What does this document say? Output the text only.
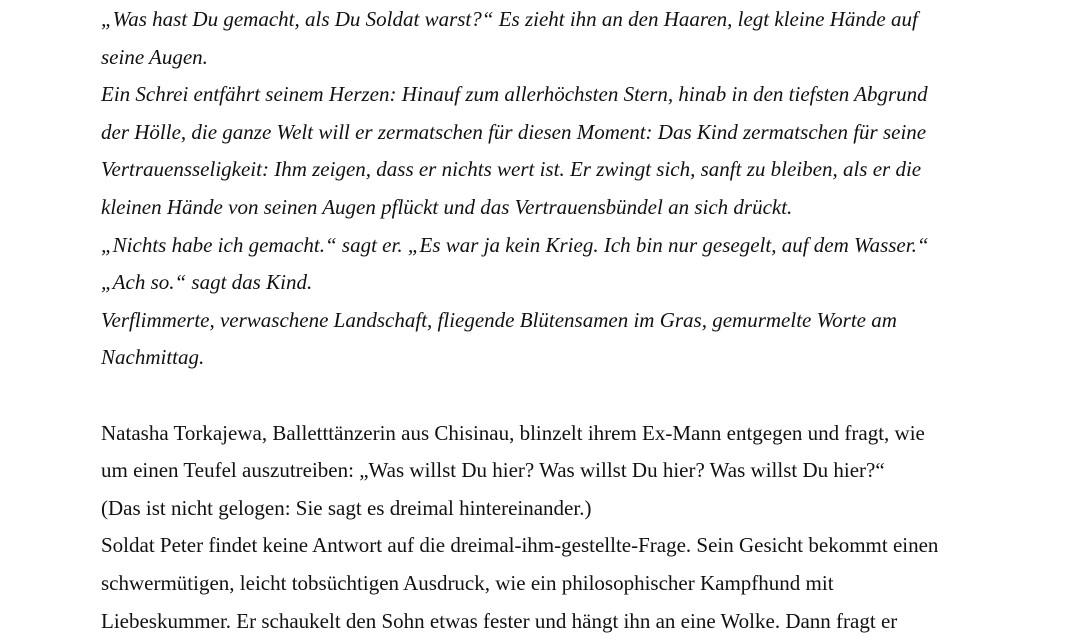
„Was hast Du gemacht, als Du Soldat warst?“ Es zieht ihn an den Haaren, legt kleine Hände auf
seine Augen.
Ein Schrei entfährt seinem Herzen: Hinauf zum allerhöchsten Stern, hinab in den tiefsten Abgrund
der Hölle, die ganze Welt will er zermatschen für diesen Moment: Das Kind zermatschen für seine
Vertrauensseligkeit: Ihm zeigen, dass er nichts wert ist. Er zwingt sich, sanft zu bleiben, als er die
kleinen Hände von seinen Augen pflückt und das Vertrauensbündel an sich drückt.
„Nichts habe ich gemacht.“ sagt er. „Es war ja kein Krieg. Ich bin nur gesegelt, auf dem Wasser.“
„Ach so.“ sagt das Kind.
Verflimmerte, verwaschene Landschaft, fliegende Blütensamen im Gras, gemurmelte Worte am
Nachmittag.
Natasha Torkajewa, Balletttänzerin aus Chisinau, blinzelt ihrem Ex-Mann entgegen und fragt, wie
um einen Teufel auszutreiben: „Was willst Du hier? Was willst Du hier? Was willst Du hier?“
(Das ist nicht gelogen: Sie sagt es dreimal hintereinander.)
Soldat Peter findet keine Antwort auf die dreimal-ihm-gestellte-Frage. Sein Gesicht bekommt einen
schwermütigen, leicht tobsüchtigen Ausdruck, wie ein philosophischer Kampfhund mit
Liebeskummer. Er schaukelt den Sohn etwas fester und hängt ihn an eine Wolke. Dann fragt er
